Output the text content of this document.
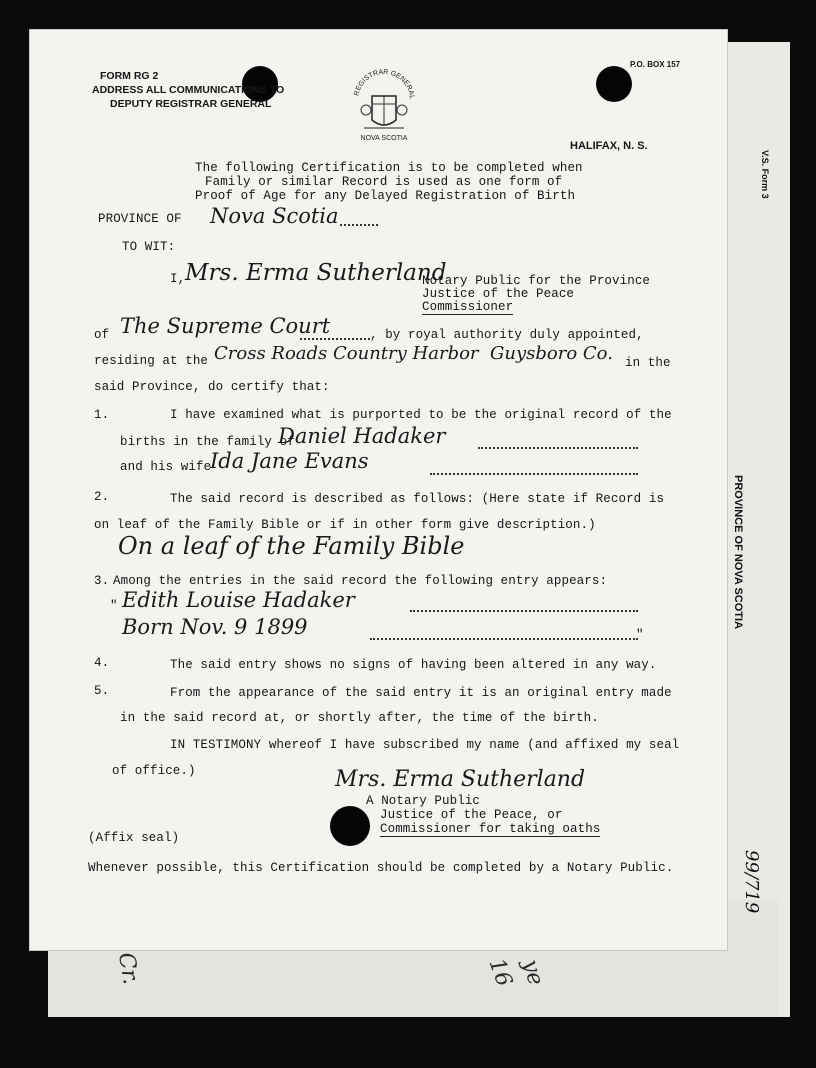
V.S. Form 3
PROVINCE OF NOVA SCOTIA
99/719
Cr.	16 ye
FORM RG 2
ADDRESS ALL COMMUNICATIONS TO
DEPUTY REGISTRAR GENERAL
P.O. BOX 157
HALIFAX, N. S.
REGISTRAR GENERAL
NOVA SCOTIA
The following Certification is to be completed when
Family or similar Record is used as one form of
Proof of Age for any Delayed Registration of Birth
PROVINCE OF Nova Scotia
TO WIT:
I, Mrs. Erma Sutherland
Notary Public for the Province
Justice of the Peace
Commissioner
of The Supreme Court	, by royal authority duly appointed,
residing at the Cross Roads Country Harbor Guysboro Co. in the
said Province, do certify that:
1.	I have examined what is purported to be the original record of the
births in the family of
Daniel Hadaker
and his wife
Ida Jane Evans
2.	The said record is described as follows: (Here state if Record is
on leaf of the Family Bible or if in other form give description.)
On a leaf of the Family Bible
3. Among the entries in the said record the following entry appears:
" Edith Louise Hadaker
Born Nov. 9 1899	"
4.	The said entry shows no signs of having been altered in any way.
5.	From the appearance of the said entry it is an original entry made
in the said record at, or shortly after, the time of the birth.
IN TESTIMONY whereof I have subscribed my name (and affixed my seal
of office.)	Mrs. Erma Sutherland
A Notary Public
Justice of the Peace, or
Commissioner for taking oaths
(Affix seal)
Whenever possible, this Certification should be completed by a Notary Public.
